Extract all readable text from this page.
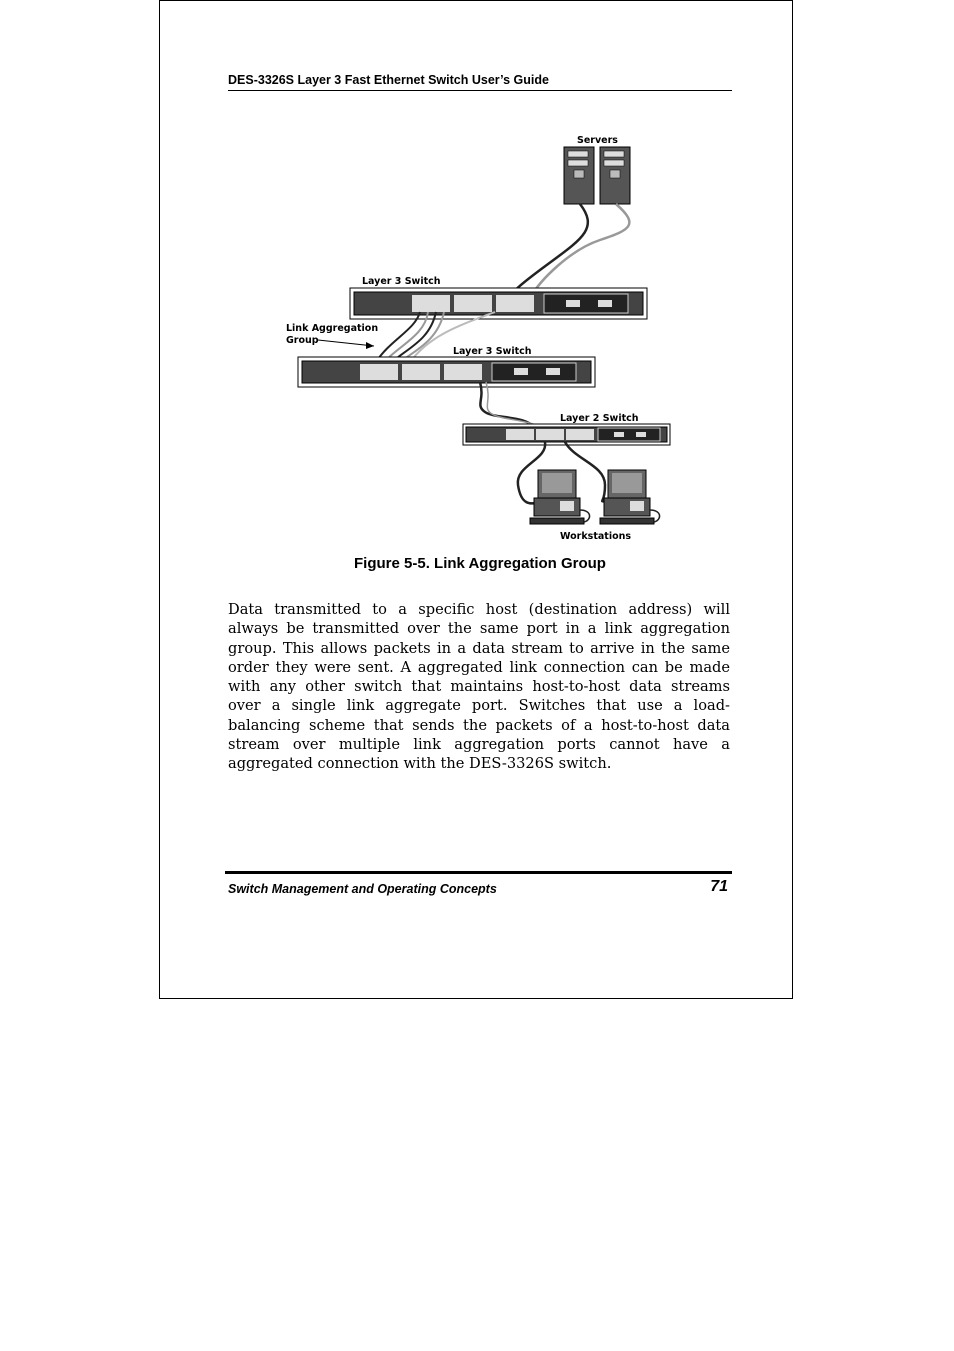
DES-3326S Layer 3 Fast Ethernet Switch User’s Guide
Servers
Layer 3 Switch
Link Aggregation
Group
Layer 3 Switch
Layer 2 Switch
Workstations
Figure 5-5. Link Aggregation Group

Data transmitted to a specific host (destination address) will always be transmitted over the same port in a link aggregation group. This allows packets in a data stream to arrive in the same order they were sent. A aggregated link connection can be made with any other switch that maintains host-to-host data streams over a single link aggregate port. Switches that use a load-balancing scheme that sends the packets of a host-to-host data stream over multiple link aggregation ports cannot have a aggregated connection with the DES-3326S switch.

Switch Management and Operating Concepts	71
